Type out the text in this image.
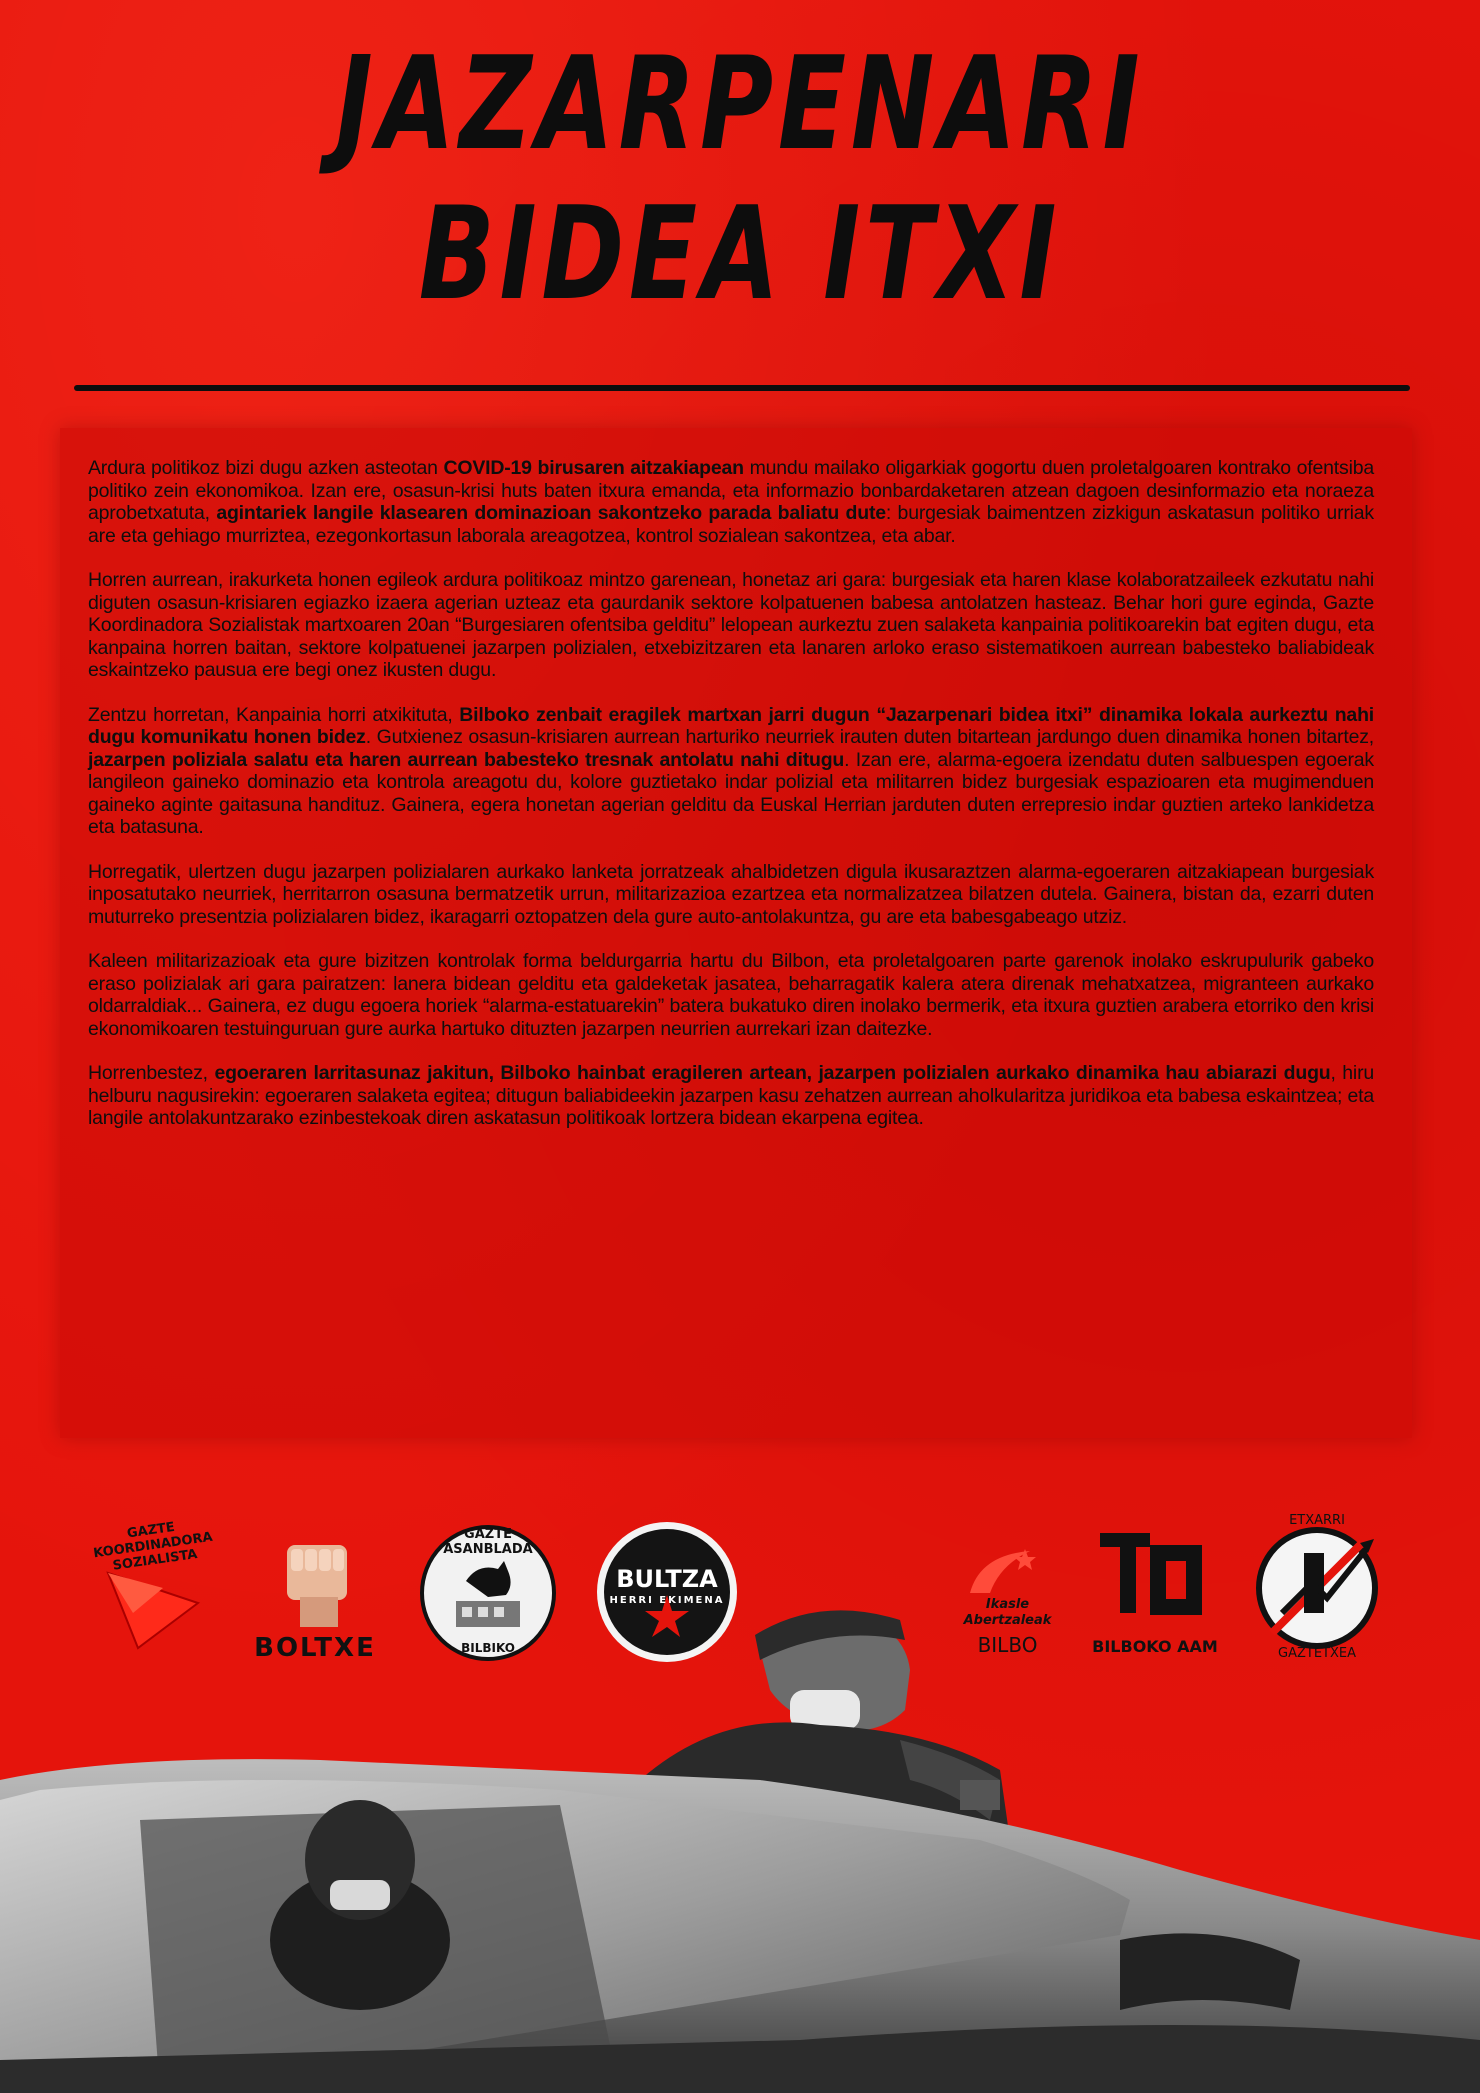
JAZARPENARI
BIDEA ITXI

Ardura politikoz bizi dugu azken asteotan COVID-19 birusaren aitzakiapean mundu mailako oligarkiak gogortu duen proletalgoaren kontrako ofentsiba politiko zein ekonomikoa. Izan ere, osasun-krisi huts baten itxura emanda, eta informazio bonbardaketaren atzean dagoen desinformazio eta noraeza aprobetxatuta, agintariek langile klasearen dominazioan sakontzeko parada baliatu dute: burgesiak baimentzen zizkigun askatasun politiko urriak are eta gehiago murriztea, ezegonkortasun laborala areagotzea, kontrol sozialean sakontzea, eta abar.

Horren aurrean, irakurketa honen egileok ardura politikoaz mintzo garenean, honetaz ari gara: burgesiak eta haren klase kolaboratzaileek ezkutatu nahi diguten osasun-krisiaren egiazko izaera agerian uzteaz eta gaurdanik sektore kolpatuenen babesa antolatzen hasteaz. Behar hori gure eginda, Gazte Koordinadora Sozialistak martxoaren 20an “Burgesiaren ofentsiba gelditu” lelopean aurkeztu zuen salaketa kanpainia politikoarekin bat egiten dugu, eta kanpaina horren baitan, sektore kolpatuenei jazarpen polizialen, etxebizitzaren eta lanaren arloko eraso sistematikoen aurrean babesteko baliabideak eskaintzeko pausua ere begi onez ikusten dugu.

Zentzu horretan, Kanpainia horri atxikituta, Bilboko zenbait eragilek martxan jarri dugun “Jazarpenari bidea itxi” dinamika lokala aurkeztu nahi dugu komunikatu honen bidez. Gutxienez osasun-krisiaren aurrean harturiko neurriek irauten duten bitartean jardungo duen dinamika honen bitartez, jazarpen poliziala salatu eta haren aurrean babesteko tresnak antolatu nahi ditugu. Izan ere, alarma-egoera izendatu duten salbuespen egoerak langileon gaineko dominazio eta kontrola areagotu du, kolore guztietako indar polizial eta militarren bidez burgesiak espazioaren eta mugimenduen gaineko aginte gaitasuna handituz. Gainera, egera honetan agerian gelditu da Euskal Herrian jarduten duten errepresio indar guztien arteko lankidetza eta batasuna.

Horregatik, ulertzen dugu jazarpen polizialaren aurkako lanketa jorratzeak ahalbidetzen digula ikusaraztzen alarma-egoeraren aitzakiapean burgesiak inposatutako neurriek, herritarron osasuna bermatzetik urrun, militarizazioa ezartzea eta normalizatzea bilatzen dutela. Gainera, bistan da, ezarri duten muturreko presentzia polizialaren bidez, ikaragarri oztopatzen dela gure auto-antolakuntza, gu are eta babesgabeago utziz.

Kaleen militarizazioak eta gure bizitzen kontrolak forma beldurgarria hartu du Bilbon, eta proletalgoaren parte garenok inolako eskrupulurik gabeko eraso polizialak ari gara pairatzen: lanera bidean gelditu eta galdeketak jasatea, beharragatik kalera atera direnak mehatxatzea, migranteen aurkako oldarraldiak... Gainera, ez dugu egoera horiek “alarma-estatuarekin” batera bukatuko diren inolako bermerik, eta itxura guztien arabera etorriko den krisi ekonomikoaren testuinguruan gure aurka hartuko dituzten jazarpen neurrien aurrekari izan daitezke.

Horrenbestez, egoeraren larritasunaz jakitun, Bilboko hainbat eragileren artean, jazarpen polizialen aurkako dinamika hau abiarazi dugu, hiru helburu nagusirekin: egoeraren salaketa egitea; ditugun baliabideekin jazarpen kasu zehatzen aurrean aholkularitza juridikoa eta babesa eskaintzea; eta langile antolakuntzarako ezinbestekoak diren askatasun politikoak lortzera bidean ekarpena egitea.

GAZTE KOORDINADORA SOZIALISTA
BOLTXE
GAZTE ASANBLADA
BILBIKO
BULTZA
HERRI EKIMENA	Ikasle
Abertzaleak
BILBO	BILBOKO AAM
ETXARRI
GAZTETXEA
